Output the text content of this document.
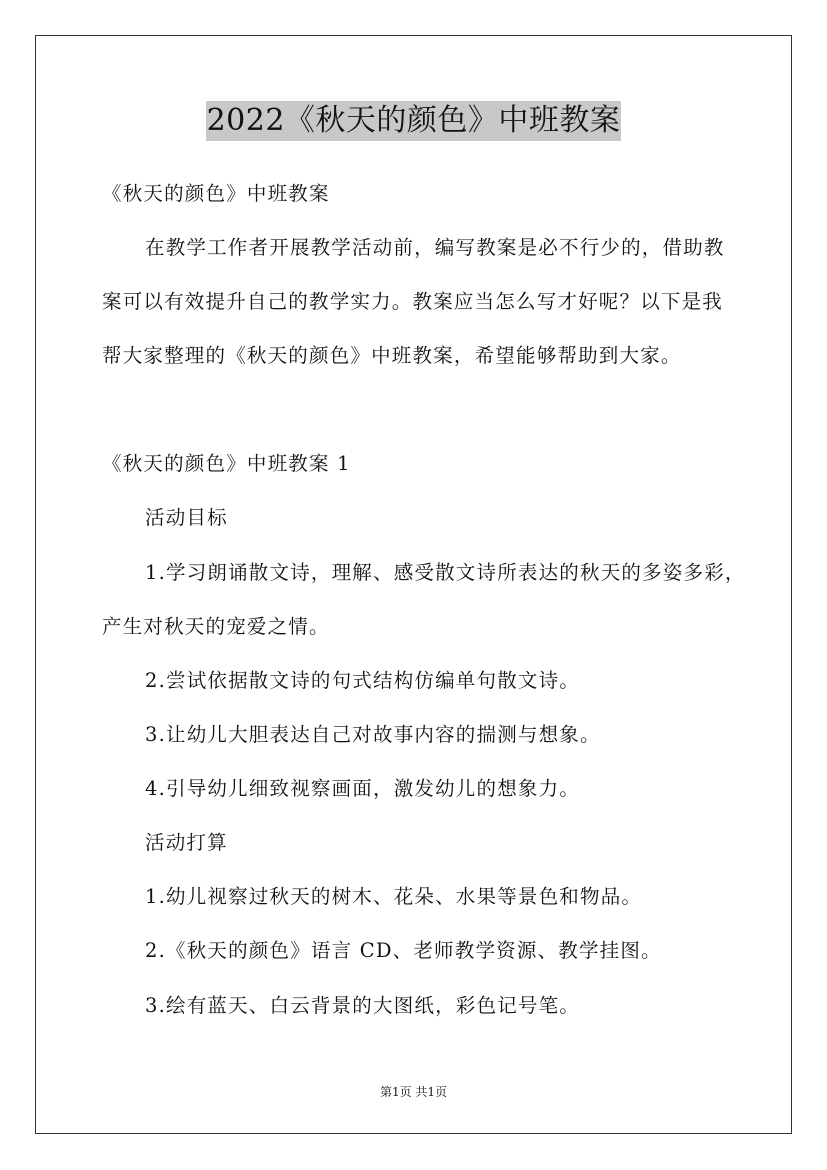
2022《秋天的颜色》中班教案
《秋天的颜色》中班教案
在教学工作者开展教学活动前，编写教案是必不行少的，借助教
案可以有效提升自己的教学实力。教案应当怎么写才好呢？以下是我
帮大家整理的《秋天的颜色》中班教案，希望能够帮助到大家。
《秋天的颜色》中班教案 1
活动目标
1.学习朗诵散文诗，理解、感受散文诗所表达的秋天的多姿多彩，
产生对秋天的宠爱之情。
2.尝试依据散文诗的句式结构仿编单句散文诗。
3.让幼儿大胆表达自己对故事内容的揣测与想象。
4.引导幼儿细致视察画面，激发幼儿的想象力。
活动打算
1.幼儿视察过秋天的树木、花朵、水果等景色和物品。
2.《秋天的颜色》语言 CD、老师教学资源、教学挂图。
3.绘有蓝天、白云背景的大图纸，彩色记号笔。
第1页 共1页
